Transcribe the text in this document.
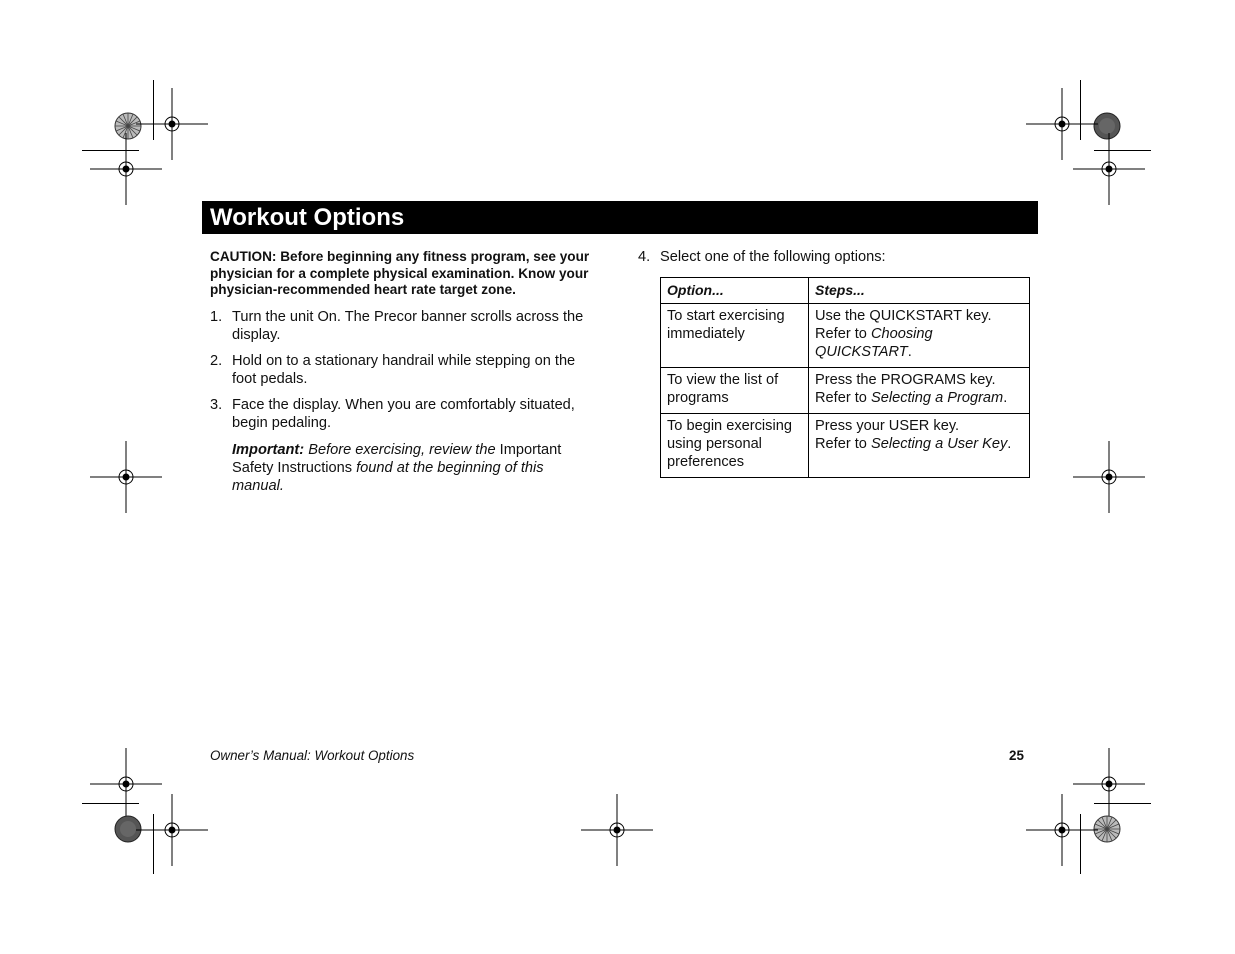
Workout Options

CAUTION: Before beginning any fitness program, see your physician for a complete physical examination. Know your physician-recommended heart rate target zone.

1. Turn the unit On. The Precor banner scrolls across the display.
2. Hold on to a stationary handrail while stepping on the foot pedals.
3. Face the display. When you are comfortably situated, begin pedaling.
Important: Before exercising, review the Important Safety Instructions found at the beginning of this manual.
4. Select one of the following options:
Option...	Steps...
To start exercising immediately	Use the QUICKSTART key.
Refer to Choosing QUICKSTART.

To view the list of programs	Press the PROGRAMS key.
Refer to Selecting a Program.

To begin exercising using personal preferences	Press your USER key.
Refer to Selecting a User Key.
Owner’s Manual: Workout Options	25
